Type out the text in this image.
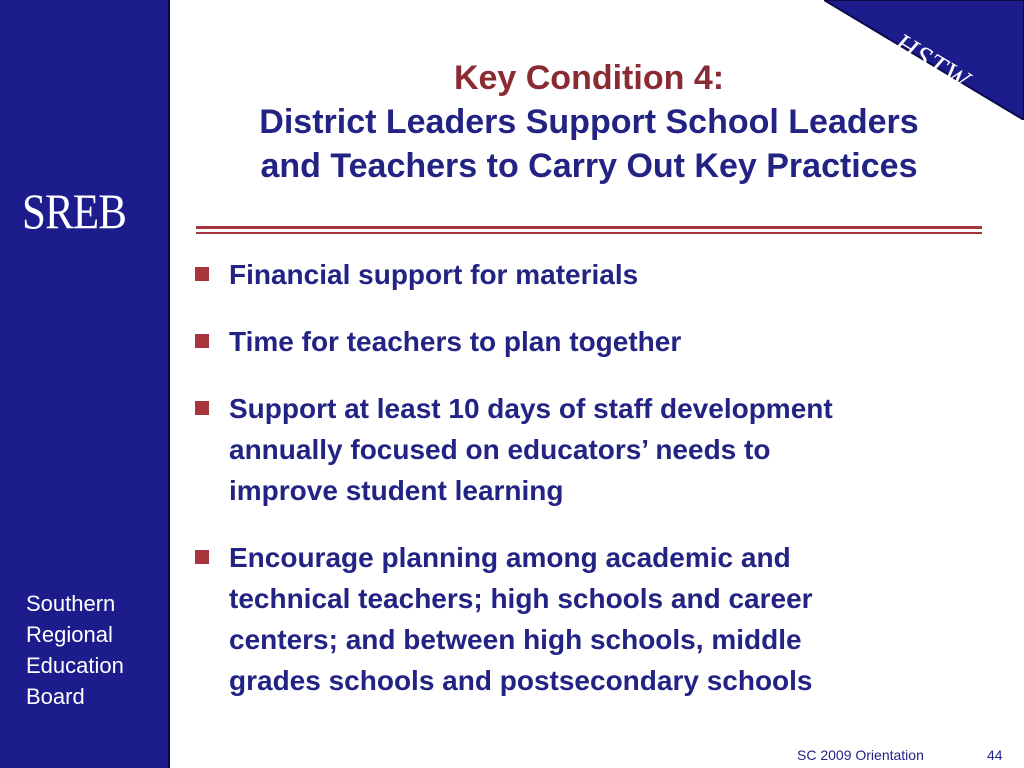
SREB
Southern
Regional
Education
Board
HSTW
Key Condition 4:
District Leaders Support School Leaders
and Teachers to Carry Out Key Practices
Financial support for materials
Time for teachers to plan together
Support at least 10 days of staff development
annually focused on educators’ needs to
improve student learning
Encourage planning among academic and
technical teachers; high schools and career
centers; and between high schools, middle
grades schools and postsecondary schools
SC 2009 Orientation	44
